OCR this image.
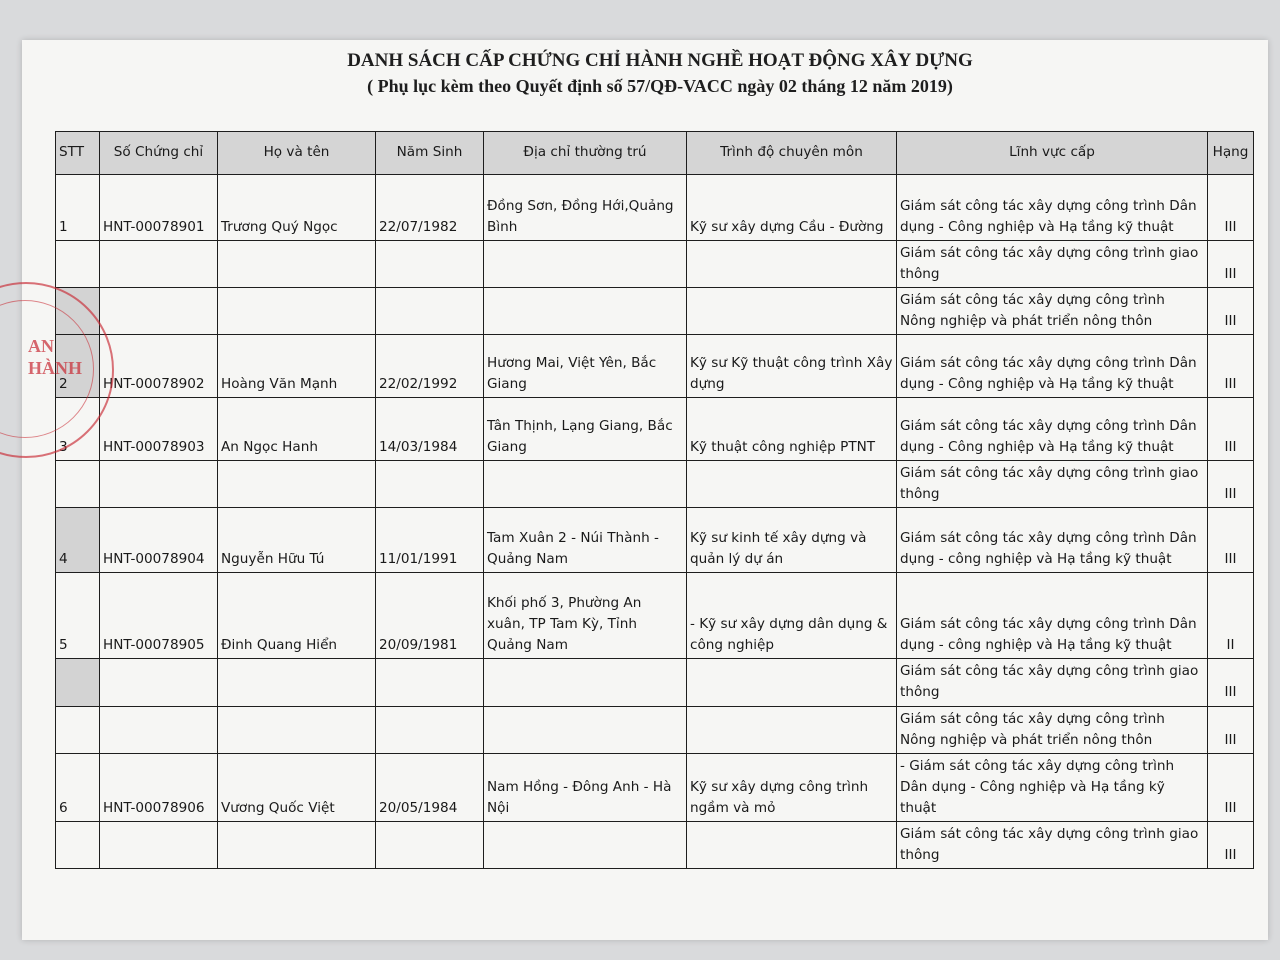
DANH SÁCH CẤP CHỨNG CHỈ HÀNH NGHỀ HOẠT ĐỘNG XÂY DỰNG
( Phụ lục kèm theo Quyết định số 57/QĐ-VACC ngày 02 tháng 12 năm 2019)
STT	Số Chứng chỉ	Họ và tên	Năm Sinh	Địa chỉ thường trú	Trình độ chuyên môn	Lĩnh vực cấp	Hạng
1	HNT-00078901	Trương Quý Ngọc	22/07/1982	Đồng Sơn, Đồng Hới,Quảng Bình	Kỹ sư xây dựng Cầu - Đường	Giám sát công tác xây dựng công trình Dân dụng - Công nghiệp và Hạ tầng kỹ thuật	III
						Giám sát công tác xây dựng công trình giao thông	III
						Giám sát công tác xây dựng công trình Nông nghiệp và phát triển nông thôn	III
2	HNT-00078902	Hoàng Văn Mạnh	22/02/1992	Hương Mai, Việt Yên, Bắc Giang	Kỹ sư Kỹ thuật công trình Xây dựng	Giám sát công tác xây dựng công trình Dân dụng - Công nghiệp và Hạ tầng kỹ thuật	III
3	HNT-00078903	An Ngọc Hanh	14/03/1984	Tân Thịnh, Lạng Giang, Bắc Giang	Kỹ thuật công nghiệp PTNT	Giám sát công tác xây dựng công trình Dân dụng - Công nghiệp và Hạ tầng kỹ thuật	III
						Giám sát công tác xây dựng công trình giao thông	III
4	HNT-00078904	Nguyễn Hữu Tú	11/01/1991	Tam Xuân 2 - Núi Thành - Quảng Nam	Kỹ sư kinh tế xây dựng và quản lý dự án	Giám sát công tác xây dựng công trình Dân dụng - công nghiệp và Hạ tầng kỹ thuật	III
5	HNT-00078905	Đinh Quang Hiển	20/09/1981	Khối phố 3, Phường An xuân, TP Tam Kỳ, Tỉnh Quảng Nam	- Kỹ sư xây dựng dân dụng & công nghiệp	Giám sát công tác xây dựng công trình Dân dụng - công nghiệp và Hạ tầng kỹ thuật	II
						Giám sát công tác xây dựng công trình giao thông	III
						Giám sát công tác xây dựng công trình Nông nghiệp và phát triển nông thôn	III
6	HNT-00078906	Vương Quốc Việt	20/05/1984	Nam Hồng - Đông Anh - Hà Nội	Kỹ sư xây dựng công trình ngầm và mỏ	- Giám sát công tác xây dựng công trình Dân dụng - Công nghiệp và Hạ tầng kỹ thuật	III
						Giám sát công tác xây dựng công trình giao thông	III
AN HÀNH
